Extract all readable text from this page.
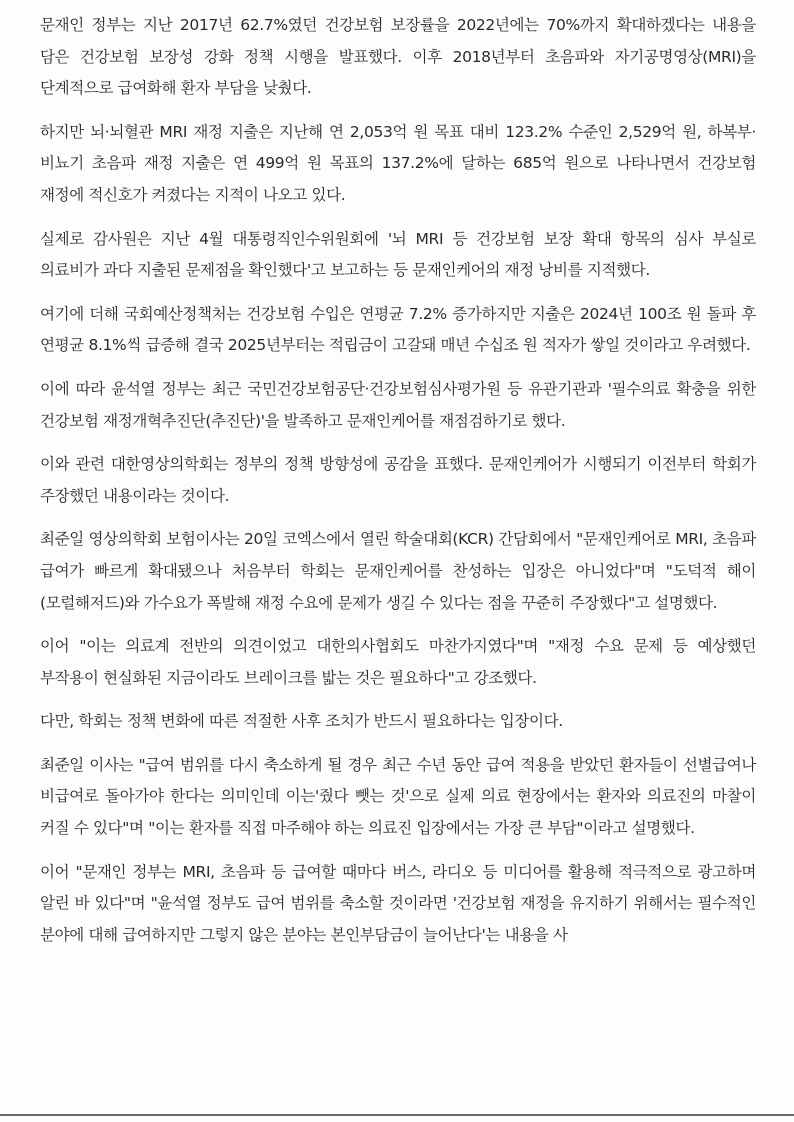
문재인 정부는 지난 2017년 62.7%였던 건강보험 보장률을 2022년에는 70%까지 확대하겠다는 내용을 담은 건강보험 보장성 강화 정책 시행을 발표했다. 이후 2018년부터 초음파와 자기공명영상(MRI)을 단계적으로 급여화해 환자 부담을 낮췄다.

하지만 뇌·뇌혈관 MRI 재정 지출은 지난해 연 2,053억 원 목표 대비 123.2% 수준인 2,529억 원, 하복부·비뇨기 초음파 재정 지출은 연 499억 원 목표의 137.2%에 달하는 685억 원으로 나타나면서 건강보험 재정에 적신호가 켜졌다는 지적이 나오고 있다.

실제로 감사원은 지난 4월 대통령직인수위원회에 '뇌 MRI 등 건강보험 보장 확대 항목의 심사 부실로 의료비가 과다 지출된 문제점을 확인했다'고 보고하는 등 문재인케어의 재정 낭비를 지적했다.

여기에 더해 국회예산정책처는 건강보험 수입은 연평균 7.2% 증가하지만 지출은 2024년 100조 원 돌파 후 연평균 8.1%씩 급증해 결국 2025년부터는 적립금이 고갈돼 매년 수십조 원 적자가 쌓일 것이라고 우려했다.

이에 따라 윤석열 정부는 최근 국민건강보험공단·건강보험심사평가원 등 유관기관과 '필수의료 확충을 위한 건강보험 재정개혁추진단(추진단)'을 발족하고 문재인케어를 재점검하기로 했다.

이와 관련 대한영상의학회는 정부의 정책 방향성에 공감을 표했다. 문재인케어가 시행되기 이전부터 학회가 주장했던 내용이라는 것이다.

최준일 영상의학회 보험이사는 20일 코엑스에서 열린 학술대회(KCR) 간담회에서 "문재인케어로 MRI, 초음파 급여가 빠르게 확대됐으나 처음부터 학회는 문재인케어를 찬성하는 입장은 아니었다"며 "도덕적 해이(모럴해저드)와 가수요가 폭발해 재정 수요에 문제가 생길 수 있다는 점을 꾸준히 주장했다"고 설명했다.

이어 "이는 의료계 전반의 의견이었고 대한의사협회도 마찬가지였다"며 "재정 수요 문제 등 예상했던 부작용이 현실화된 지금이라도 브레이크를 밟는 것은 필요하다"고 강조했다.

다만, 학회는 정책 변화에 따른 적절한 사후 조치가 반드시 필요하다는 입장이다.

최준일 이사는 "급여 범위를 다시 축소하게 될 경우 최근 수년 동안 급여 적용을 받았던 환자들이 선별급여나 비급여로 돌아가야 한다는 의미인데 이는'줬다 뺏는 것'으로 실제 의료 현장에서는 환자와 의료진의 마찰이 커질 수 있다"며 "이는 환자를 직접 마주해야 하는 의료진 입장에서는 가장 큰 부담"이라고 설명했다.

이어 "문재인 정부는 MRI, 초음파 등 급여할 때마다 버스, 라디오 등 미디어를 활용해 적극적으로 광고하며 알린 바 있다"며 "윤석열 정부도 급여 범위를 축소할 것이라면 '건강보험 재정을 유지하기 위해서는 필수적인 분야에 대해 급여하지만 그렇지 않은 분야는 본인부담금이 늘어난다'는 내용을 사
